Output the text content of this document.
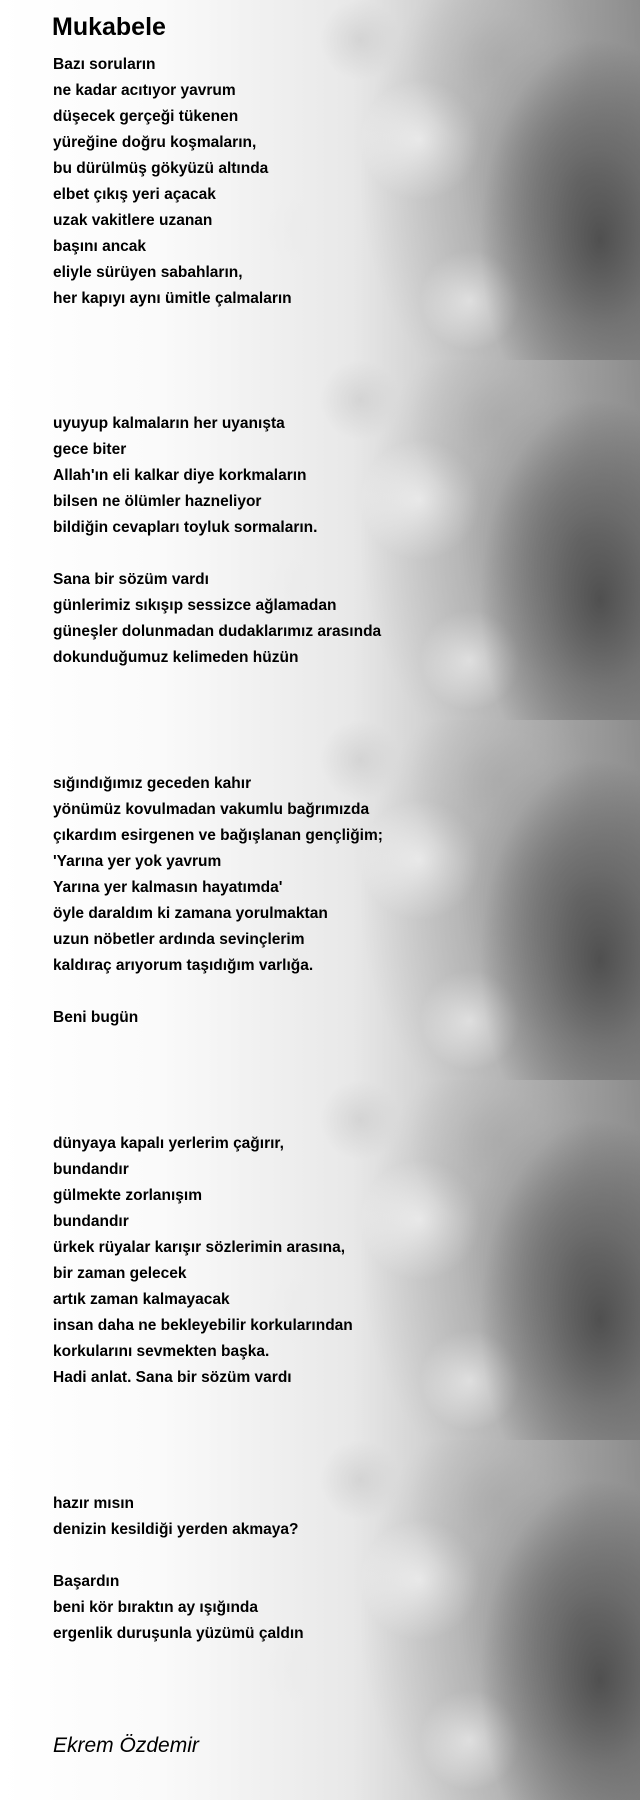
Mukabele
Bazı soruların
ne kadar acıtıyor yavrum
düşecek gerçeği tükenen
yüreğine doğru koşmaların,
bu dürülmüş gökyüzü altında
elbet çıkış yeri açacak
uzak vakitlere uzanan
başını ancak
eliyle sürüyen sabahların,
her kapıyı aynı ümitle çalmaların
uyuyup kalmaların her uyanışta
gece biter
Allah'ın eli kalkar diye korkmaların
bilsen ne ölümler hazneliyor
bildiğin cevapları toyluk sormaların.
Sana bir sözüm vardı
günlerimiz sıkışıp sessizce ağlamadan
güneşler dolunmadan dudaklarımız arasında
dokunduğumuz kelimeden hüzün
sığındığımız geceden kahır
yönümüz kovulmadan vakumlu bağrımızda
çıkardım esirgenen ve bağışlanan gençliğim;
'Yarına yer yok yavrum
Yarına yer kalmasın hayatımda'
öyle daraldım ki zamana yorulmaktan
uzun nöbetler ardında sevinçlerim
kaldıraç arıyorum taşıdığım varlığa.
Beni bugün
dünyaya kapalı yerlerim çağırır,
bundandır
gülmekte zorlanışım
bundandır
ürkek rüyalar karışır sözlerimin arasına,
bir zaman gelecek
artık zaman kalmayacak
insan daha ne bekleyebilir korkularından
korkularını sevmekten başka.
Hadi anlat. Sana bir sözüm vardı
hazır mısın
denizin kesildiği yerden akmaya?
Başardın
beni kör bıraktın ay ışığında
ergenlik duruşunla yüzümü çaldın
Ekrem Özdemir
